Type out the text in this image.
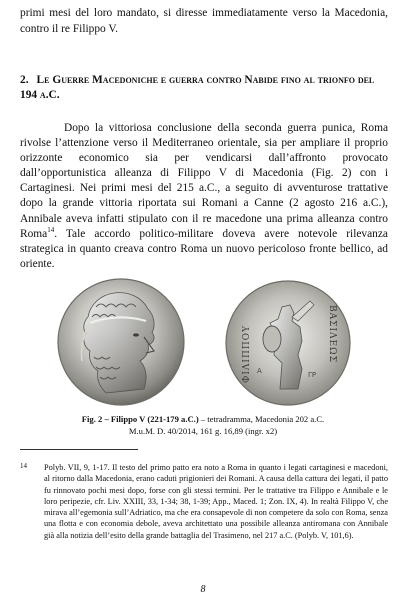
primi mesi del loro mandato, si diresse immediatamente verso la Macedonia, contro il re Filippo V.

2. Le Guerre Macedoniche e guerra contro Nabide fino al trionfo del 194 a.C.

Dopo la vittoriosa conclusione della seconda guerra punica, Roma rivolse l’attenzione verso il Mediterraneo orientale, sia per ampliare il proprio orizzonte economico sia per vendicarsi dall’affronto provocato dall’opportunistica alleanza di Filippo V di Macedonia (Fig. 2) con i Cartaginesi. Nei primi mesi del 215 a.C., a seguito di avventurose trattative dopo la grande vittoria riportata sui Romani a Canne (2 agosto 216 a.C.), Annibale aveva infatti stipulato con il re macedone una prima alleanza contro Roma$^{14}$. Tale accordo politico-militare doveva avere notevole rilevanza strategica in quanto creava contro Roma un nuovo pericoloso fronte bellico, ad oriente.

A	ΓΡ
ΦΙΛΙΠΠΟΥ	ΒΑΣΙΛΕΩΣ
Fig. 2 – Filippo V (221-179 a.C.) – tetradramma, Macedonia 202 a.C.
M.u.M. D. 40/2014, 161 g. 16,89 (ingr. x2)
14	Polyb. VII, 9, 1-17. Il testo del primo patto era noto a Roma in quanto i legati cartaginesi e macedoni, al ritorno dalla Macedonia, erano caduti prigionieri dei Romani. A causa della cattura dei legati, il patto fu rinnovato pochi mesi dopo, forse con gli stessi termini. Per le trattative tra Filippo e Annibale e le loro peripezie, cfr. Liv. XXIII, 33, 1-34; 38, 1-39; App., Maced. 1; Zon. IX, 4). In realtà Filippo V, che mirava all’egemonia sull’Adriatico, ma che era consapevole di non competere da solo con Roma, senza una flotta e con economia debole, aveva architettato una possibile alleanza antiromana con Annibale già alla notizia dell’esito della grande battaglia del Trasimeno, nel 217 a.C. (Polyb. V, 101,6).
8
